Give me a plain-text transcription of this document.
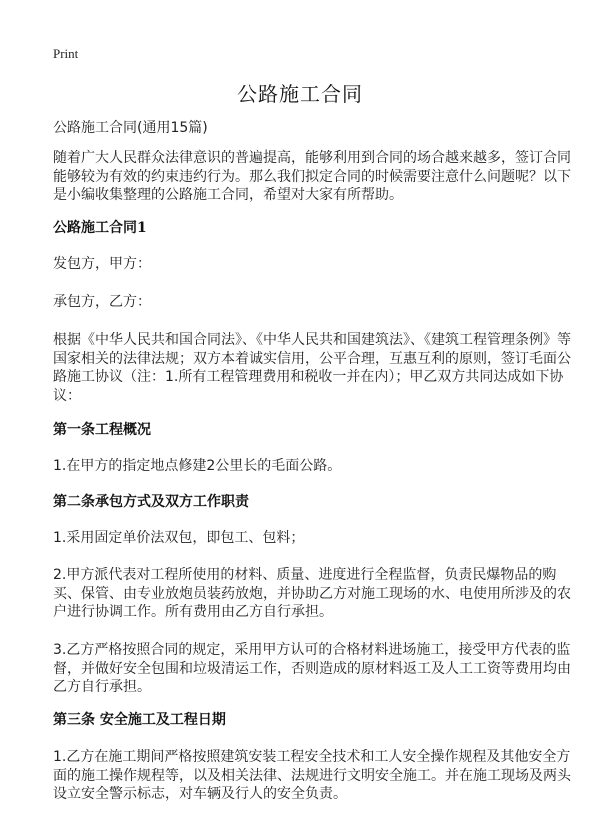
Print
公路施工合同
公路施工合同(通用15篇)
随着广大人民群众法律意识的普遍提高，能够利用到合同的场合越来越多，签订合同能够较为有效的约束违约行为。那么我们拟定合同的时候需要注意什么问题呢？以下是小编收集整理的公路施工合同，希望对大家有所帮助。
公路施工合同1
发包方，甲方：
承包方，乙方：
根据《中华人民共和国合同法》、《中华人民共和国建筑法》、《建筑工程管理条例》等国家相关的法律法规；双方本着诚实信用，公平合理，互惠互利的原则，签订毛面公路施工协议（注：1.所有工程管理费用和税收一并在内）；甲乙双方共同达成如下协议：
第一条工程概况
1.在甲方的指定地点修建2公里长的毛面公路。
第二条承包方式及双方工作职责
1.采用固定单价法双包，即包工、包料；
2.甲方派代表对工程所使用的材料、质量、进度进行全程监督，负责民爆物品的购买、保管、由专业放炮员装药放炮，并协助乙方对施工现场的水、电使用所涉及的农户进行协调工作。所有费用由乙方自行承担。
3.乙方严格按照合同的规定，采用甲方认可的合格材料进场施工，接受甲方代表的监督，并做好安全包围和垃圾清运工作，否则造成的原材料返工及人工工资等费用均由乙方自行承担。
第三条 安全施工及工程日期
1.乙方在施工期间严格按照建筑安装工程安全技术和工人安全操作规程及其他安全方面的施工操作规程等，以及相关法律、法规进行文明安全施工。并在施工现场及两头设立安全警示标志，对车辆及行人的安全负责。
